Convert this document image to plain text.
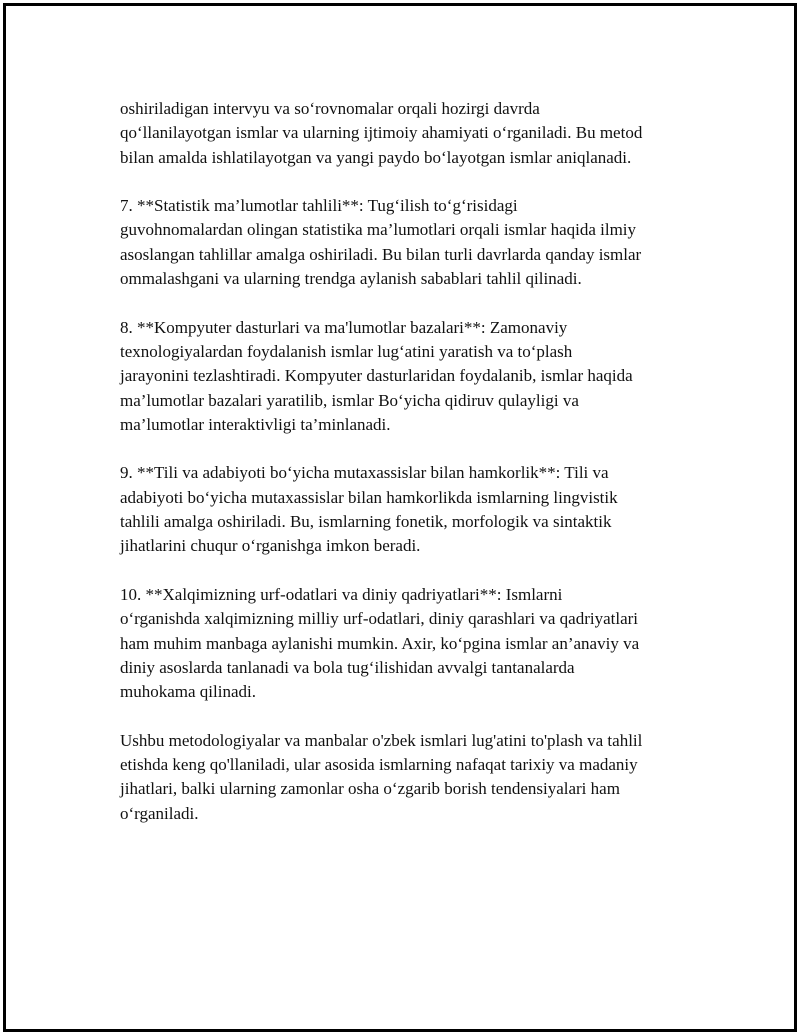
oshiriladigan intervyu va so‘rovnomalar orqali hozirgi davrda
qo‘llanilayotgan ismlar va ularning ijtimoiy ahamiyati o‘rganiladi. Bu metod
bilan amalda ishlatilayotgan va yangi paydo bo‘layotgan ismlar aniqlanadi.

7. **Statistik ma’lumotlar tahlili**: Tug‘ilish to‘g‘risidagi
guvohnomalardan olingan statistika ma’lumotlari orqali ismlar haqida ilmiy
asoslangan tahlillar amalga oshiriladi. Bu bilan turli davrlarda qanday ismlar
ommalashgani va ularning trendga aylanish sabablari tahlil qilinadi.

8. **Kompyuter dasturlari va ma'lumotlar bazalari**: Zamonaviy
texnologiyalardan foydalanish ismlar lug‘atini yaratish va to‘plash
jarayonini tezlashtiradi. Kompyuter dasturlaridan foydalanib, ismlar haqida
ma’lumotlar bazalari yaratilib, ismlar Bo‘yicha qidiruv qulayligi va
ma’lumotlar interaktivligi ta’minlanadi.

9. **Tili va adabiyoti bo‘yicha mutaxassislar bilan hamkorlik**: Tili va
adabiyoti bo‘yicha mutaxassislar bilan hamkorlikda ismlarning lingvistik
tahlili amalga oshiriladi. Bu, ismlarning fonetik, morfologik va sintaktik
jihatlarini chuqur o‘rganishga imkon beradi.

10. **Xalqimizning urf-odatlari va diniy qadriyatlari**: Ismlarni
o‘rganishda xalqimizning milliy urf-odatlari, diniy qarashlari va qadriyatlari
ham muhim manbaga aylanishi mumkin. Axir, ko‘pgina ismlar an’anaviy va
diniy asoslarda tanlanadi va bola tug‘ilishidan avvalgi tantanalarda
muhokama qilinadi.

Ushbu metodologiyalar va manbalar o'zbek ismlari lug'atini to'plash va tahlil
etishda keng qo'llaniladi, ular asosida ismlarning nafaqat tarixiy va madaniy
jihatlari, balki ularning zamonlar osha o‘zgarib borish tendensiyalari ham
o‘rganiladi.
